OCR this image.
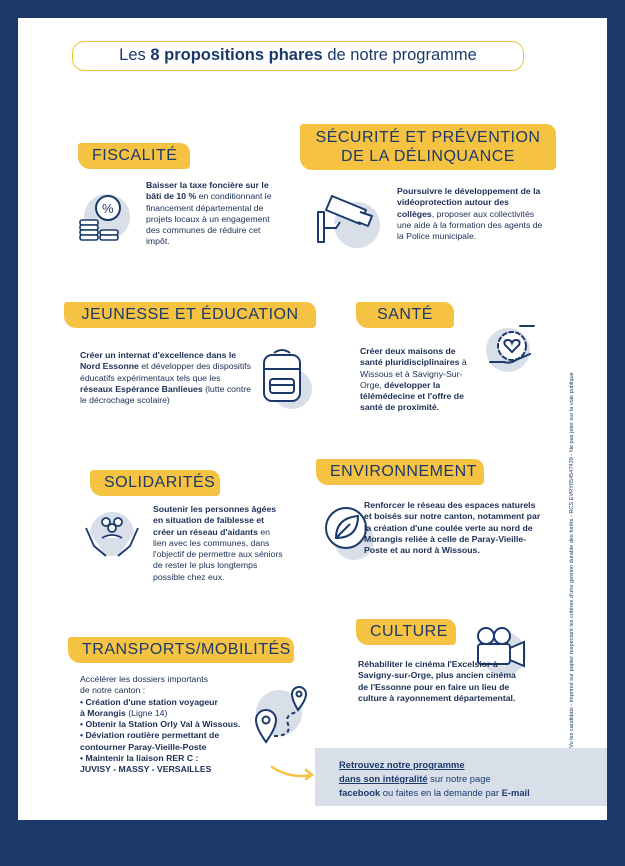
Les 8 propositions phares de notre programme
FISCALITÉ
%
Baisser la taxe foncière sur le bâti de 10 % en conditionnant le financement départemental de projets locaux à un engagement des communes de réduire cet impôt.
SÉCURITÉ ET PRÉVENTION
DE LA DÉLINQUANCE
Poursuivre le développement de la vidéoprotection autour des collèges, proposer aux collectivités une aide à la formation des agents de la Police municipale.
JEUNESSE ET ÉDUCATION
Créer un internat d'excellence dans le Nord Essonne et développer des dispositifs éducatifs expérimentaux tels que les réseaux Espérance Banlieues (lutte contre le décrochage scolaire)
SANTÉ
Créer deux maisons de santé pluridisciplinaires à Wissous et à Savigny-Sur-Orge, développer la télémédecine et l'offre de santé de proximité.
SOLIDARITÉS
Soutenir les personnes âgées en situation de faiblesse et créer un réseau d'aidants en lien avec les communes, dans l'objectif de permettre aux séniors de rester le plus longtemps possible chez eux.
ENVIRONNEMENT
Renforcer le réseau des espaces naturels et boisés sur notre canton, notamment par la création d'une coulée verte au nord de Morangis reliée à celle de Paray-Vieille-Poste et au nord à Wissous.
TRANSPORTS/MOBILITÉS
Accélérer les dossiers importants de notre canton :
• Création d'une station voyageur
à Morangis (Ligne 14)
• Obtenir la Station Orly Val à Wissous.
• Déviation routière permettant de
contourner Paray-Vieille-Poste
• Maintenir la liaison RER C :
JUVISY - MASSY - VERSAILLES
CULTURE
Réhabiliter le cinéma l'Excelsior à Savigny-sur-Orge, plus ancien cinéma de l'Essonne pour en faire un lieu de culture à rayonnement départemental.	Vu les candidats - imprimé sur papier respectant les critères d'une gestion durable des forêts - RCS EVRY654547439 - Ne pas jeter sur la voie publique
Retrouvez notre programme
dans son intégralité sur notre page
facebook ou faites en la demande par E-mail
